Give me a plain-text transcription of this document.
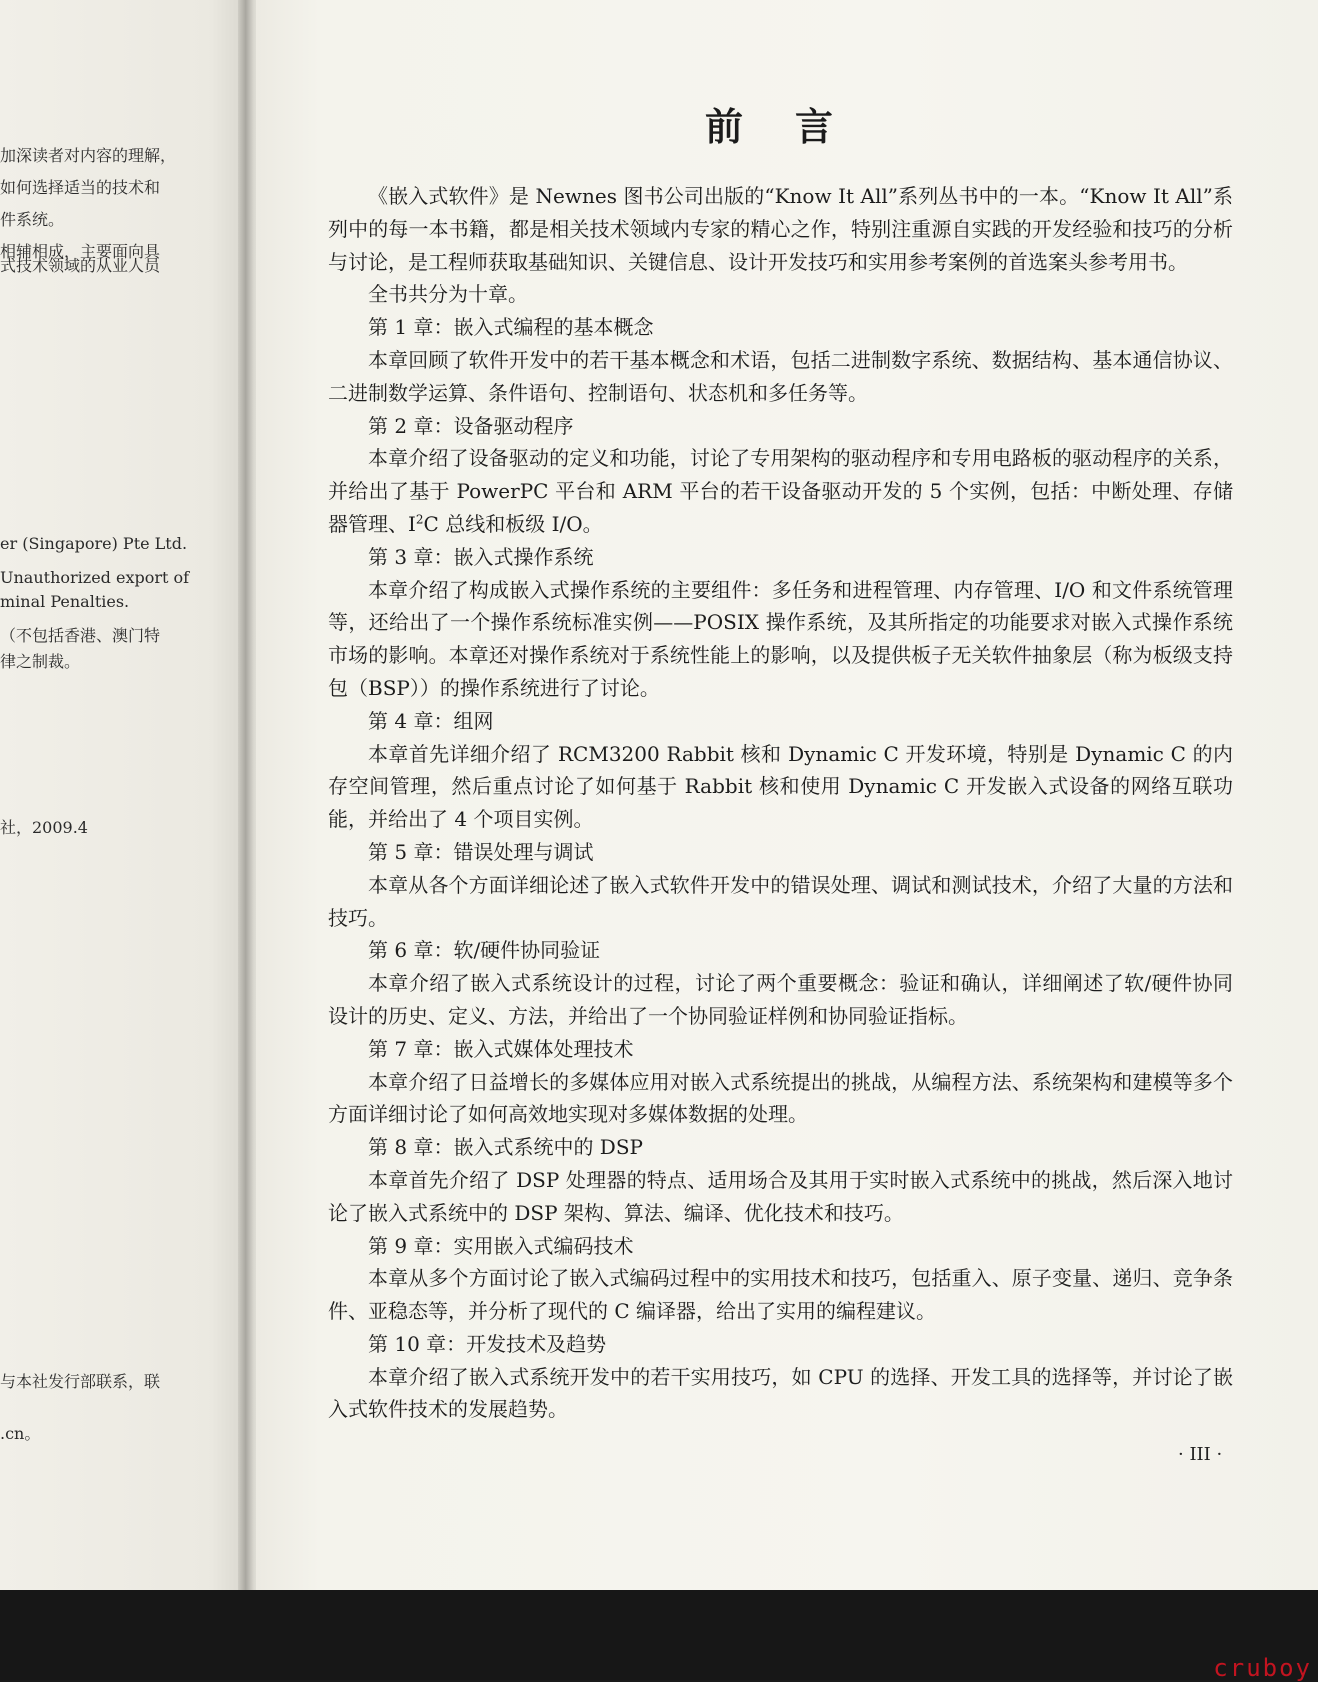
加深读者对内容的理解，
如何选择适当的技术和
件系统。
相辅相成，主要面向具
式技术领域的从业人员
er (Singapore) Pte Ltd.
Unauthorized export of
minal Penalties.
（不包括香港、澳门特
律之制裁。
社，2009.4
与本社发行部联系，联
.cn。
前言

《嵌入式软件》是 Newnes 图书公司出版的“Know It All”系列丛书中的一本。“Know It All”系列中的每一本书籍，都是相关技术领域内专家的精心之作，特别注重源自实践的开发经验和技巧的分析与讨论，是工程师获取基础知识、关键信息、设计开发技巧和实用参考案例的首选案头参考用书。

全书共分为十章。

第 1 章：嵌入式编程的基本概念

本章回顾了软件开发中的若干基本概念和术语，包括二进制数字系统、数据结构、基本通信协议、二进制数学运算、条件语句、控制语句、状态机和多任务等。

第 2 章：设备驱动程序

本章介绍了设备驱动的定义和功能，讨论了专用架构的驱动程序和专用电路板的驱动程序的关系，并给出了基于 PowerPC 平台和 ARM 平台的若干设备驱动开发的 5 个实例，包括：中断处理、存储器管理、$I^2C$ 总线和板级 I/O。

第 3 章：嵌入式操作系统

本章介绍了构成嵌入式操作系统的主要组件：多任务和进程管理、内存管理、I/O 和文件系统管理等，还给出了一个操作系统标准实例——POSIX 操作系统，及其所指定的功能要求对嵌入式操作系统市场的影响。本章还对操作系统对于系统性能上的影响，以及提供板子无关软件抽象层（称为板级支持包（BSP））的操作系统进行了讨论。

第 4 章：组网

本章首先详细介绍了 RCM3200 Rabbit 核和 Dynamic C 开发环境，特别是 Dynamic C 的内存空间管理，然后重点讨论了如何基于 Rabbit 核和使用 Dynamic C 开发嵌入式设备的网络互联功能，并给出了 4 个项目实例。

第 5 章：错误处理与调试

本章从各个方面详细论述了嵌入式软件开发中的错误处理、调试和测试技术，介绍了大量的方法和技巧。

第 6 章：软/硬件协同验证

本章介绍了嵌入式系统设计的过程，讨论了两个重要概念：验证和确认，详细阐述了软/硬件协同设计的历史、定义、方法，并给出了一个协同验证样例和协同验证指标。

第 7 章：嵌入式媒体处理技术

本章介绍了日益增长的多媒体应用对嵌入式系统提出的挑战，从编程方法、系统架构和建模等多个方面详细讨论了如何高效地实现对多媒体数据的处理。

第 8 章：嵌入式系统中的 DSP

本章首先介绍了 DSP 处理器的特点、适用场合及其用于实时嵌入式系统中的挑战，然后深入地讨论了嵌入式系统中的 DSP 架构、算法、编译、优化技术和技巧。

第 9 章：实用嵌入式编码技术

本章从多个方面讨论了嵌入式编码过程中的实用技术和技巧，包括重入、原子变量、递归、竞争条件、亚稳态等，并分析了现代的 C 编译器，给出了实用的编程建议。

第 10 章：开发技术及趋势

本章介绍了嵌入式系统开发中的若干实用技巧，如 CPU 的选择、开发工具的选择等，并讨论了嵌入式软件技术的发展趋势。

· III ·
cruboy
